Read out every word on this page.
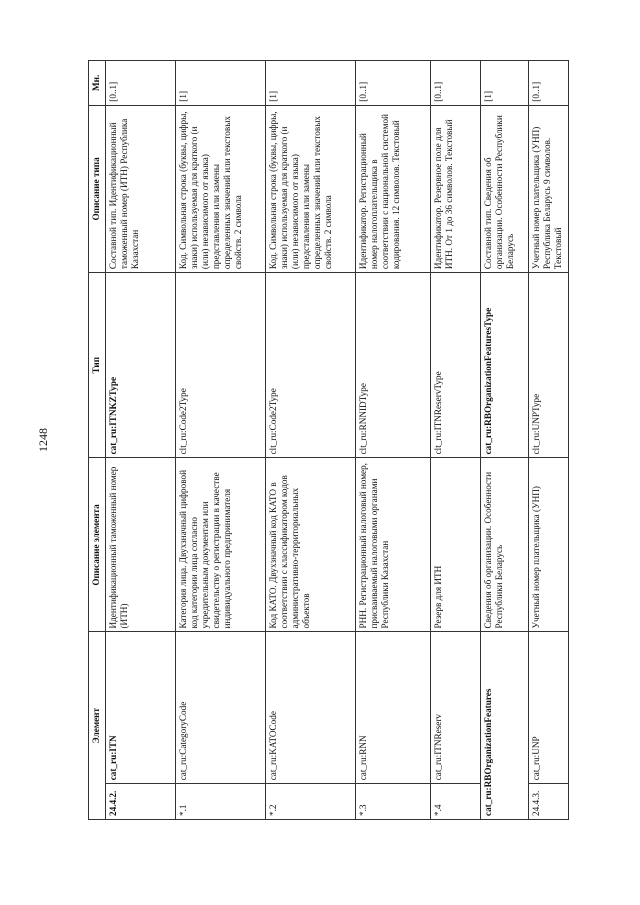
1248
Элемент		Описание элемента	Тип	Описание типа	Мн.
24.4.2.	cat_ru:ITN	Идентификационный таможенный номер (ИТН)	cat_ru:ITNKZType	Составной тип. Идентификационный таможенный номер (ИТН) Республика Казахстан	[0..1]
*.1	cat_ru:CategoryCode	Категория лица. Двухзначный цифровой код категории лица согласно учредительным документам или свидетельству о регистрации в качестве индивидуального предпринимателя	clt_ru:Code2Type	Код. Символьная строка (буквы, цифры, знаки) используемая для краткого (и (или) независимого от языка) представления или замены определенных значений или текстовых свойств. 2 символа	[1]
*.2	cat_ru:KATOCode	Код КАТО. Двухзначный код КАТО в соответствии с классификатором кодов административно-территориальных объектов	clt_ru:Code2Type	Код. Символьная строка (буквы, цифры, знаки) используемая для краткого (и (или) независимого от языка) представления или замены определенных значений или текстовых свойств. 2 символа	[1]
*.3	cat_ru:RNN	РНН. Регистрационный налоговый номер, присваиваемый налоговыми органами Республики Казахстан	clt_ru:RNNIDType	Идентификатор. Регистрационный номер налогоплательщика в соответствии с национальной системой кодирования. 12 символов. Текстовый	[0..1]
*.4	cat_ru:ITNReserv	Резерв для ИТН	clt_ru:ITNReservType	Идентификатор. Резервное поле для ИТН. От 1 до 36 символов. Текстовый	[0..1]
cat_ru:RBOrganizationFeatures		Сведения об организации. Особенности Республики Беларусь	cat_ru:RBOrganizationFeaturesType	Составной тип. Сведения об организации. Особенности Республики Беларусь	[1]
24.4.3.	cat_ru:UNP	Учетный номер плательщика (УНП)	clt_ru:UNPType	Учетный номер плательщика (УНП) Республика Беларусь 9 символов. Текстовый	[0..1]
